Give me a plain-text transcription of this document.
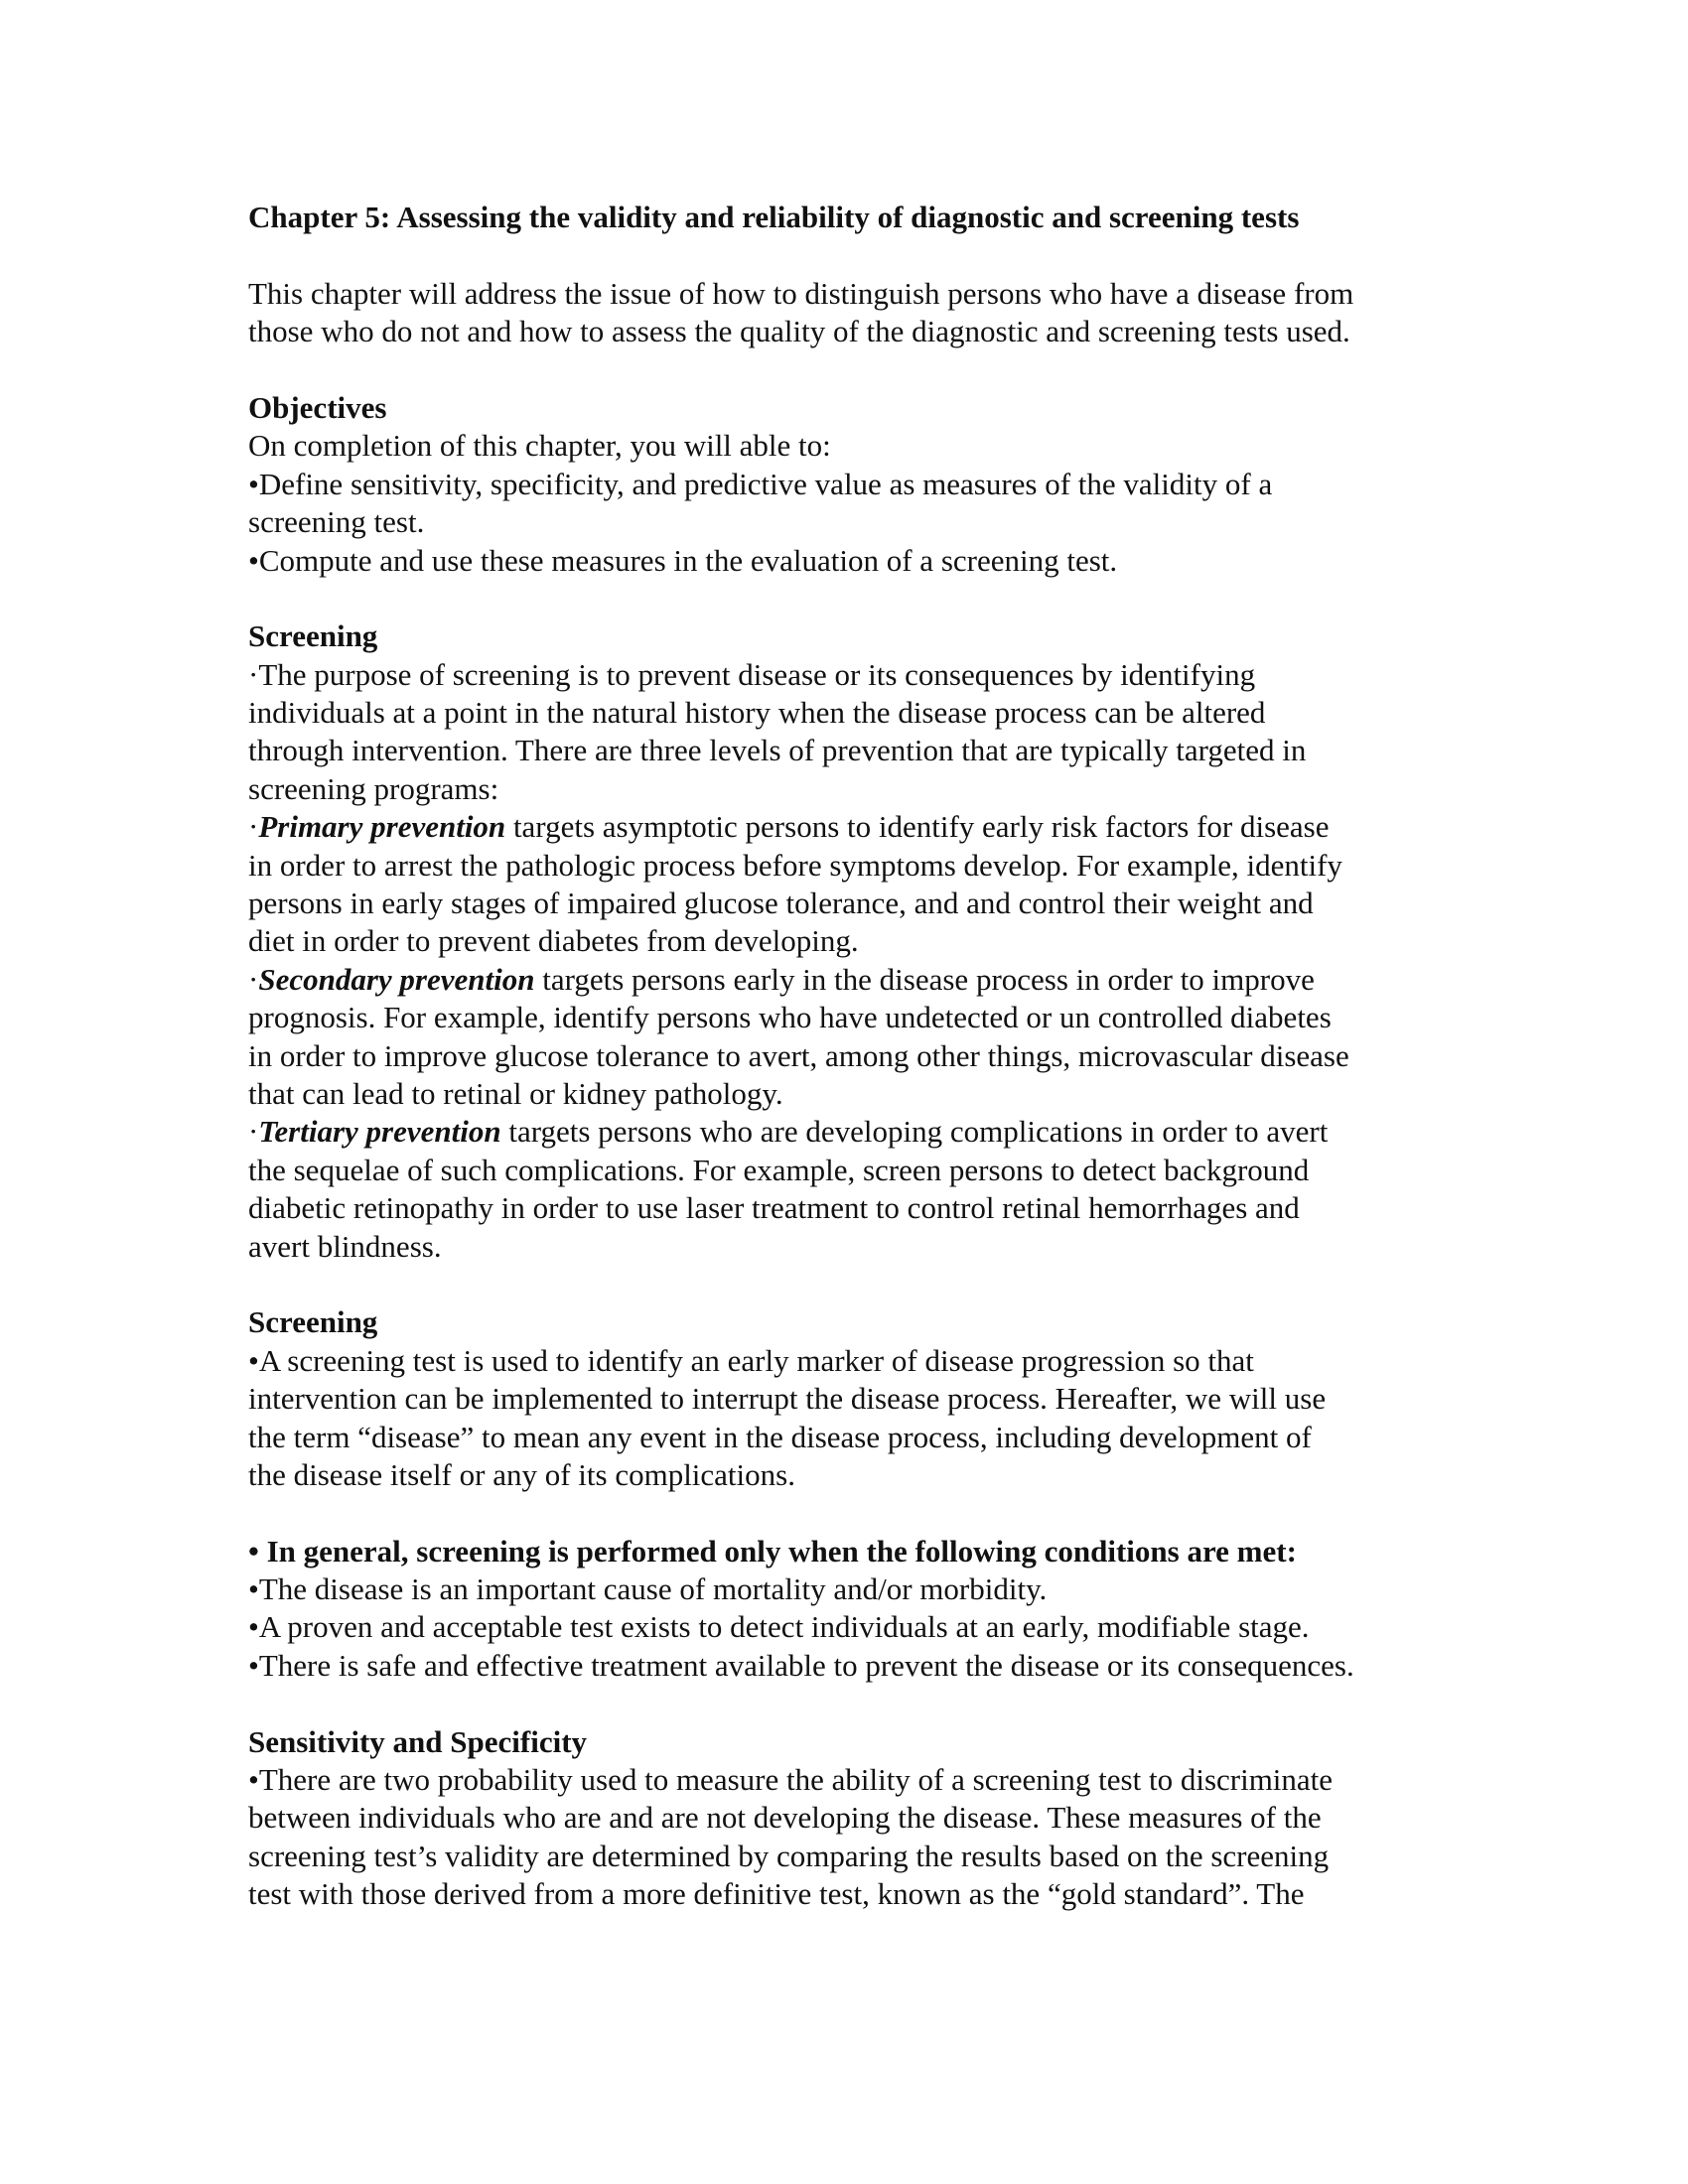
Chapter 5: Assessing the validity and reliability of diagnostic and screening tests
This chapter will address the issue of how to distinguish persons who have a disease from
those who do not and how to assess the quality of the diagnostic and screening tests used.
Objectives
On completion of this chapter, you will able to:
•Define sensitivity, specificity, and predictive value as measures of the validity of a
screening test.
•Compute and use these measures in the evaluation of a screening test.
Screening
·The purpose of screening is to prevent disease or its consequences by identifying
individuals at a point in the natural history when the disease process can be altered
through intervention. There are three levels of prevention that are typically targeted in
screening programs:
·Primary prevention targets asymptotic persons to identify early risk factors for disease
in order to arrest the pathologic process before symptoms develop. For example, identify
persons in early stages of impaired glucose tolerance, and and control their weight and
diet in order to prevent diabetes from developing.
·Secondary prevention targets persons early in the disease process in order to improve
prognosis. For example, identify persons who have undetected or un controlled diabetes
in order to improve glucose tolerance to avert, among other things, microvascular disease
that can lead to retinal or kidney pathology.
·Tertiary prevention targets persons who are developing complications in order to avert
the sequelae of such complications. For example, screen persons to detect background
diabetic retinopathy in order to use laser treatment to control retinal hemorrhages and
avert blindness.
Screening
•A screening test is used to identify an early marker of disease progression so that
intervention can be implemented to interrupt the disease process. Hereafter, we will use
the term “disease” to mean any event in the disease process, including development of
the disease itself or any of its complications.
• In general, screening is performed only when the following conditions are met:
•The disease is an important cause of mortality and/or morbidity.
•A proven and acceptable test exists to detect individuals at an early, modifiable stage.
•There is safe and effective treatment available to prevent the disease or its consequences.
Sensitivity and Specificity
•There are two probability used to measure the ability of a screening test to discriminate
between individuals who are and are not developing the disease. These measures of the
screening test’s validity are determined by comparing the results based on the screening
test with those derived from a more definitive test, known as the “gold standard”. The
